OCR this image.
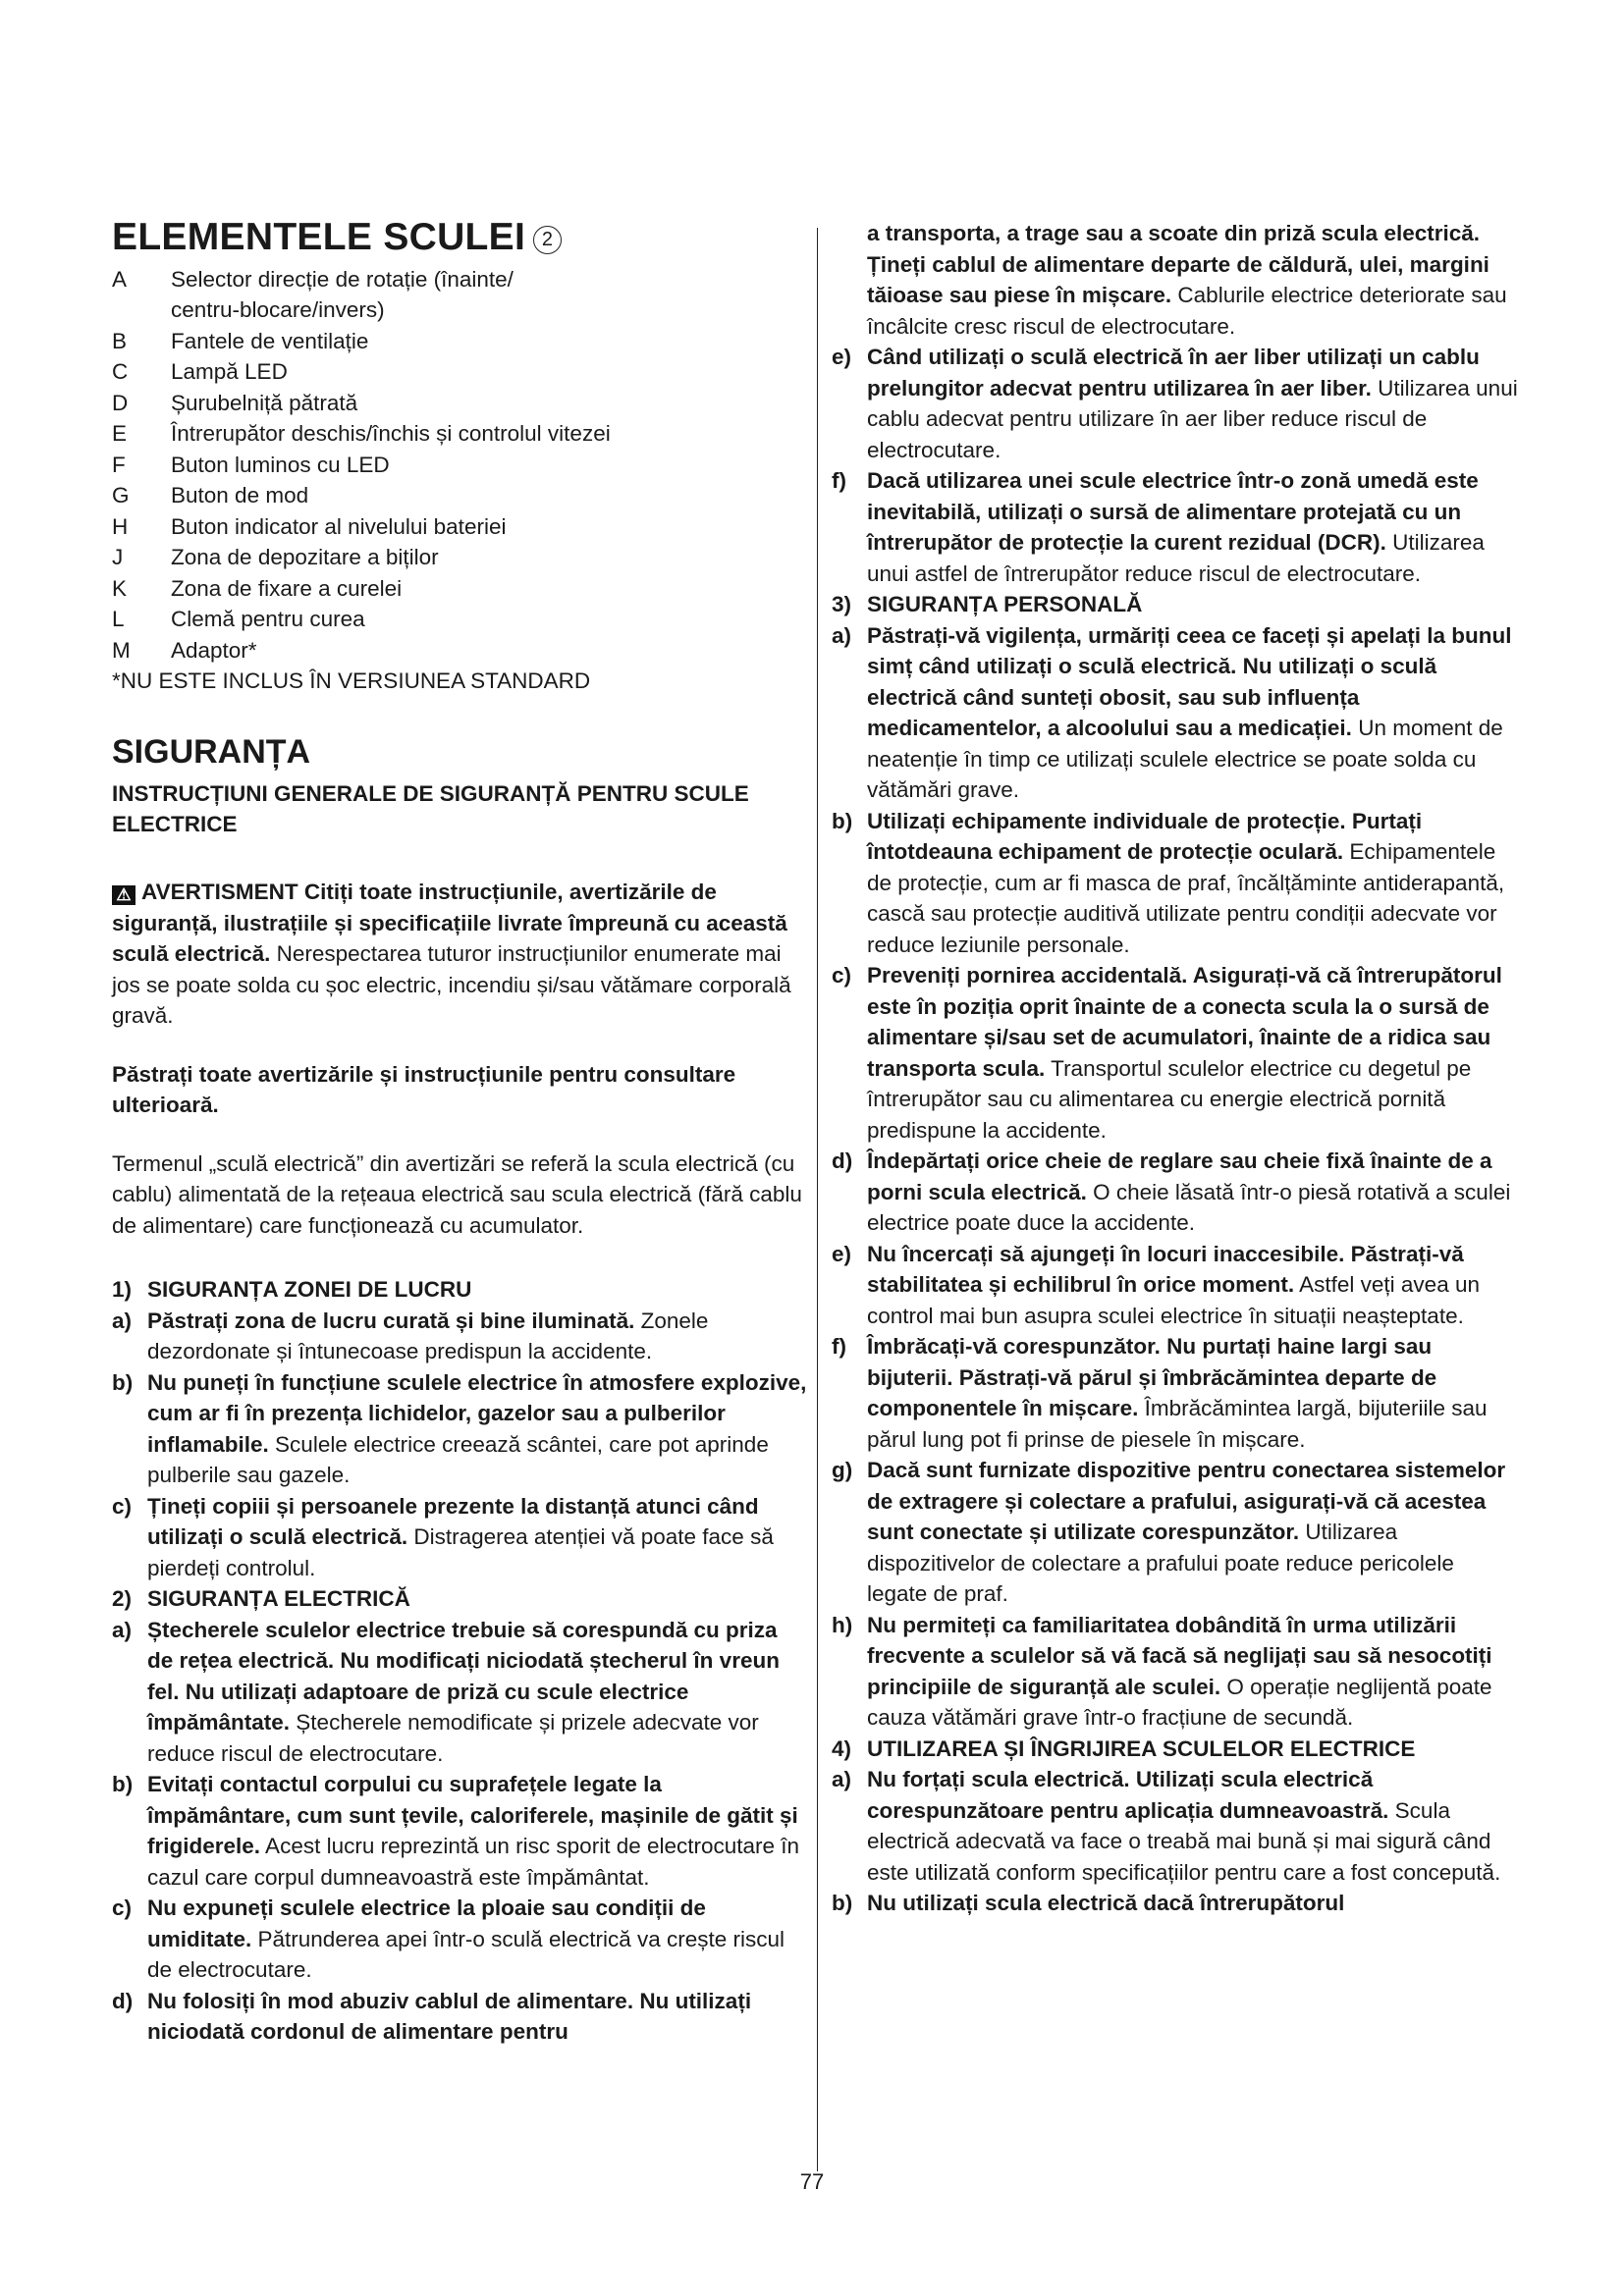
ELEMENTELE SCULEI 2
A	Selector direcție de rotație (înainte/
centru-blocare/invers)
B	Fantele de ventilație
C	Lampă LED
D	Șurubelniță pătrată
E	Întrerupător deschis/închis și controlul vitezei
F	Buton luminos cu LED
G	Buton de mod
H	Buton indicator al nivelului bateriei
J	Zona de depozitare a biților
K	Zona de fixare a curelei
L	Clemă pentru curea
M	Adaptor*
*NU ESTE INCLUS ÎN VERSIUNEA STANDARD
SIGURANȚA
INSTRUCȚIUNI GENERALE DE SIGURANȚĂ PENTRU SCULE ELECTRICE
⚠ AVERTISMENT Citiți toate instrucțiunile, avertizările de siguranță, ilustrațiile și specificațiile livrate împreună cu această sculă electrică. Nerespectarea tuturor instrucțiunilor enumerate mai jos se poate solda cu șoc electric, incendiu și/sau vătămare corporală gravă.
Păstrați toate avertizările și instrucțiunile pentru consultare ulterioară.
Termenul „sculă electrică” din avertizări se referă la scula electrică (cu cablu) alimentată de la rețeaua electrică sau scula electrică (fără cablu de alimentare) care funcționează cu acumulator.
1) SIGURANȚA ZONEI DE LUCRU
a) Păstrați zona de lucru curată și bine iluminată. Zonele dezordonate și întunecoase predispun la accidente.
b) Nu puneți în funcțiune sculele electrice în atmosfere explozive, cum ar fi în prezența lichidelor, gazelor sau a pulberilor inflamabile. Sculele electrice creează scântei, care pot aprinde pulberile sau gazele.
c) Țineți copiii și persoanele prezente la distanță atunci când utilizați o sculă electrică. Distragerea atenției vă poate face să pierdeți controlul.
2) SIGURANȚA ELECTRICĂ
a) Ștecherele sculelor electrice trebuie să corespundă cu priza de rețea electrică. Nu modificați niciodată ștecherul în vreun fel. Nu utilizați adaptoare de priză cu scule electrice împământate. Ștecherele nemodificate și prizele adecvate vor reduce riscul de electrocutare.
b) Evitați contactul corpului cu suprafețele legate la împământare, cum sunt țevile, caloriferele, mașinile de gătit și frigiderele. Acest lucru reprezintă un risc sporit de electrocutare în cazul care corpul dumneavoastră este împământat.
c) Nu expuneți sculele electrice la ploaie sau condiții de umiditate. Pătrunderea apei într-o sculă electrică va crește riscul de electrocutare.
d) Nu folosiți în mod abuziv cablul de alimentare. Nu utilizați niciodată cordonul de alimentare pentru
a transporta, a trage sau a scoate din priză scula electrică. Țineți cablul de alimentare departe de căldură, ulei, margini tăioase sau piese în mișcare. Cablurile electrice deteriorate sau încâlcite cresc riscul de electrocutare.
e) Când utilizați o sculă electrică în aer liber utilizați un cablu prelungitor adecvat pentru utilizarea în aer liber. Utilizarea unui cablu adecvat pentru utilizare în aer liber reduce riscul de electrocutare.
f) Dacă utilizarea unei scule electrice într-o zonă umedă este inevitabilă, utilizați o sursă de alimentare protejată cu un întrerupător de protecție la curent rezidual (DCR). Utilizarea unui astfel de întrerupător reduce riscul de electrocutare.
3) SIGURANȚA PERSONALĂ
a) Păstrați-vă vigilența, urmăriți ceea ce faceți și apelați la bunul simț când utilizați o sculă electrică. Nu utilizați o sculă electrică când sunteți obosit, sau sub influența medicamentelor, a alcoolului sau a medicației. Un moment de neatenție în timp ce utilizați sculele electrice se poate solda cu vătămări grave.
b) Utilizați echipamente individuale de protecție. Purtați întotdeauna echipament de protecție oculară. Echipamentele de protecție, cum ar fi masca de praf, încălțăminte antiderapantă, cască sau protecție auditivă utilizate pentru condiții adecvate vor reduce leziunile personale.
c) Preveniți pornirea accidentală. Asigurați-vă că întrerupătorul este în poziția oprit înainte de a conecta scula la o sursă de alimentare și/sau set de acumulatori, înainte de a ridica sau transporta scula. Transportul sculelor electrice cu degetul pe întrerupător sau cu alimentarea cu energie electrică pornită predispune la accidente.
d) Îndepărtați orice cheie de reglare sau cheie fixă înainte de a porni scula electrică. O cheie lăsată într-o piesă rotativă a sculei electrice poate duce la accidente.
e) Nu încercați să ajungeți în locuri inaccesibile. Păstrați-vă stabilitatea și echilibrul în orice moment. Astfel veți avea un control mai bun asupra sculei electrice în situații neașteptate.
f) Îmbrăcați-vă corespunzător. Nu purtați haine largi sau bijuterii. Păstrați-vă părul și îmbrăcămintea departe de componentele în mișcare. Îmbrăcămintea largă, bijuteriile sau părul lung pot fi prinse de piesele în mișcare.
g) Dacă sunt furnizate dispozitive pentru conectarea sistemelor de extragere și colectare a prafului, asigurați-vă că acestea sunt conectate și utilizate corespunzător. Utilizarea dispozitivelor de colectare a prafului poate reduce pericolele legate de praf.
h) Nu permiteți ca familiaritatea dobândită în urma utilizării frecvente a sculelor să vă facă să neglijați sau să nesocotiți principiile de siguranță ale sculei. O operație neglijentă poate cauza vătămări grave într-o fracțiune de secundă.
4) UTILIZAREA ȘI ÎNGRIJIREA SCULELOR ELECTRICE
a) Nu forțați scula electrică. Utilizați scula electrică corespunzătoare pentru aplicația dumneavoastră. Scula electrică adecvată va face o treabă mai bună și mai sigură când este utilizată conform specificațiilor pentru care a fost concepută.
b) Nu utilizați scula electrică dacă întrerupătorul
77
